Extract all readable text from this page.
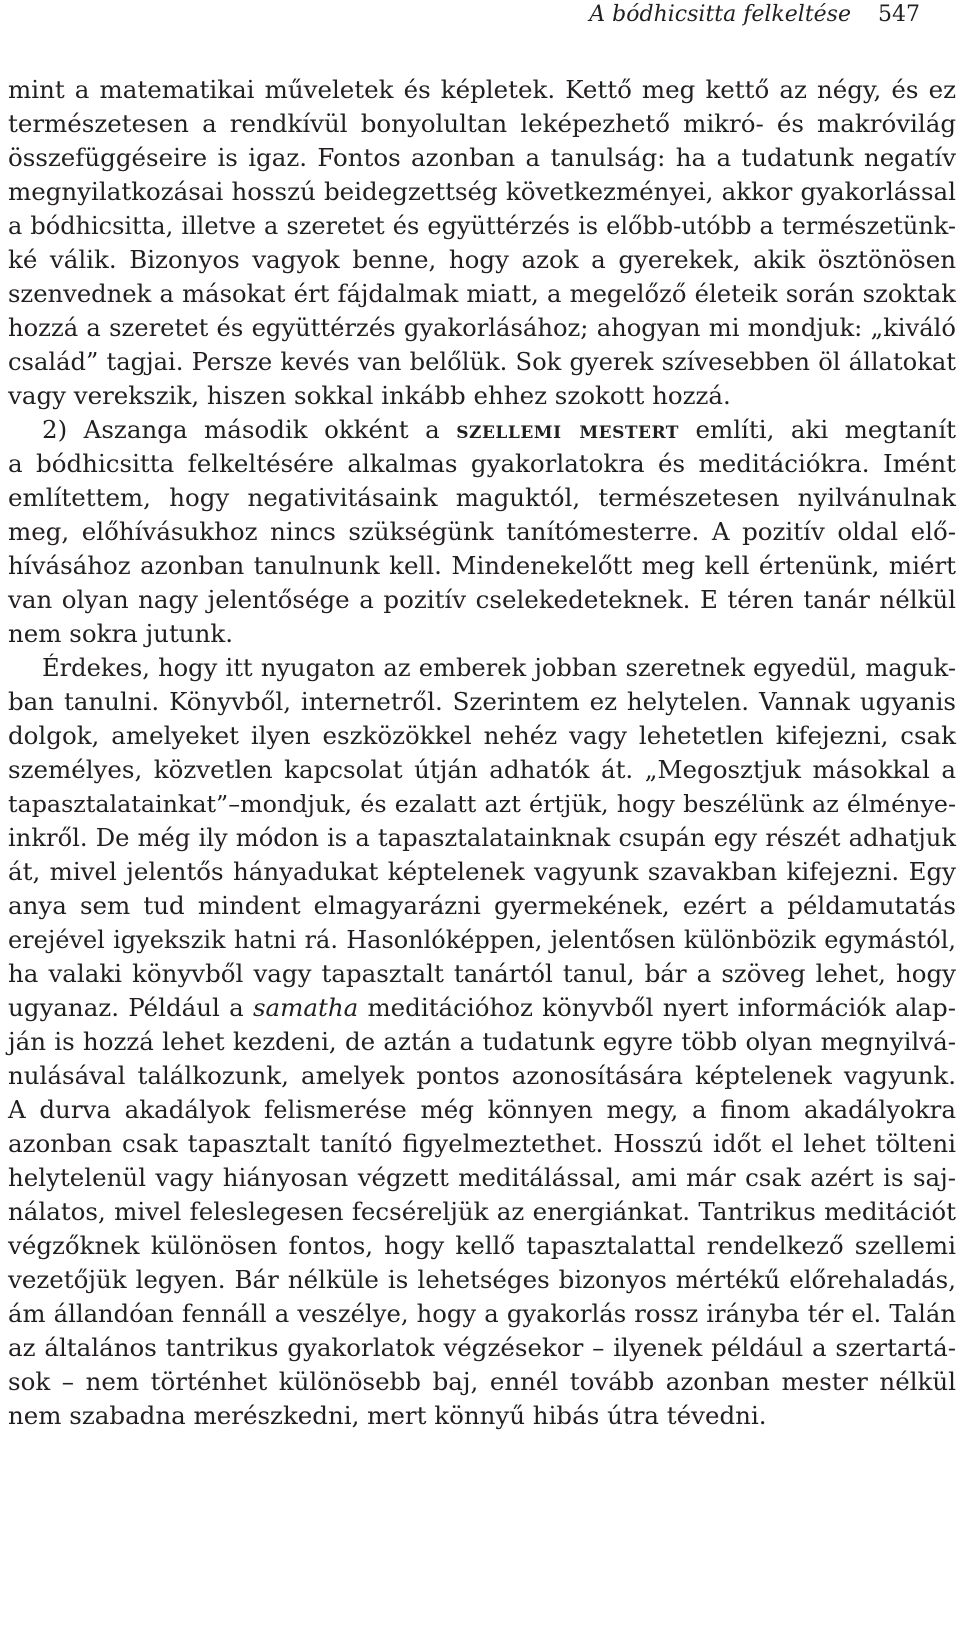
A bódhicsitta felkeltése 547
mint a matematikai műveletek és képletek. Kettő meg kettő az négy, és ez
természetesen a rendkívül bonyolultan leképezhető mikró- és makróvilág
összefüggéseire is igaz. Fontos azonban a tanulság: ha a tudatunk negatív
megnyilatkozásai hosszú beidegzettség következményei, akkor gyakorlással
a bódhicsitta, illetve a szeretet és együttérzés is előbb-utóbb a természetünk-
ké válik. Bizonyos vagyok benne, hogy azok a gyerekek, akik ösztönösen
szenvednek a másokat ért fájdalmak miatt, a megelőző életeik során szoktak
hozzá a szeretet és együttérzés gyakorlásához; ahogyan mi mondjuk: „kiváló
család” tagjai. Persze kevés van belőlük. Sok gyerek szívesebben öl állatokat
vagy verekszik, hiszen sokkal inkább ehhez szokott hozzá.
2) Aszanga második okként a szellemi mestert említi, aki megtanít
a bódhicsitta felkeltésére alkalmas gyakorlatokra és meditációkra. Imént
említettem, hogy negativitásaink maguktól, természetesen nyilvánulnak
meg, előhívásukhoz nincs szükségünk tanítómesterre. A pozitív oldal elő-
hívásához azonban tanulnunk kell. Mindenekelőtt meg kell értenünk, miért
van olyan nagy jelentősége a pozitív cselekedeteknek. E téren tanár nélkül
nem sokra jutunk.
Érdekes, hogy itt nyugaton az emberek jobban szeretnek egyedül, maguk-
ban tanulni. Könyvből, internetről. Szerintem ez helytelen. Vannak ugyanis
dolgok, amelyeket ilyen eszközökkel nehéz vagy lehetetlen kifejezni, csak
személyes, közvetlen kapcsolat útján adhatók át. „Megosztjuk másokkal a
tapasztalatainkat”–mondjuk, és ezalatt azt értjük, hogy beszélünk az élménye-
inkről. De még ily módon is a tapasztalatainknak csupán egy részét adhatjuk
át, mivel jelentős hányadukat képtelenek vagyunk szavakban kifejezni. Egy
anya sem tud mindent elmagyarázni gyermekének, ezért a példamutatás
erejével igyekszik hatni rá. Hasonlóképpen, jelentősen különbözik egymástól,
ha valaki könyvből vagy tapasztalt tanártól tanul, bár a szöveg lehet, hogy
ugyanaz. Például a samatha meditációhoz könyvből nyert információk alap-
ján is hozzá lehet kezdeni, de aztán a tudatunk egyre több olyan megnyilvá-
nulásával találkozunk, amelyek pontos azonosítására képtelenek vagyunk.
A durva akadályok felismerése még könnyen megy, a finom akadályokra
azonban csak tapasztalt tanító figyelmeztethet. Hosszú időt el lehet tölteni
helytelenül vagy hiányosan végzett meditálással, ami már csak azért is saj-
nálatos, mivel feleslegesen fecséreljük az energiánkat. Tantrikus meditációt
végzőknek különösen fontos, hogy kellő tapasztalattal rendelkező szellemi
vezetőjük legyen. Bár nélküle is lehetséges bizonyos mértékű előrehaladás,
ám állandóan fennáll a veszélye, hogy a gyakorlás rossz irányba tér el. Talán
az általános tantrikus gyakorlatok végzésekor – ilyenek például a szertartá-
sok – nem történhet különösebb baj, ennél tovább azonban mester nélkül
nem szabadna merészkedni, mert könnyű hibás útra tévedni.
